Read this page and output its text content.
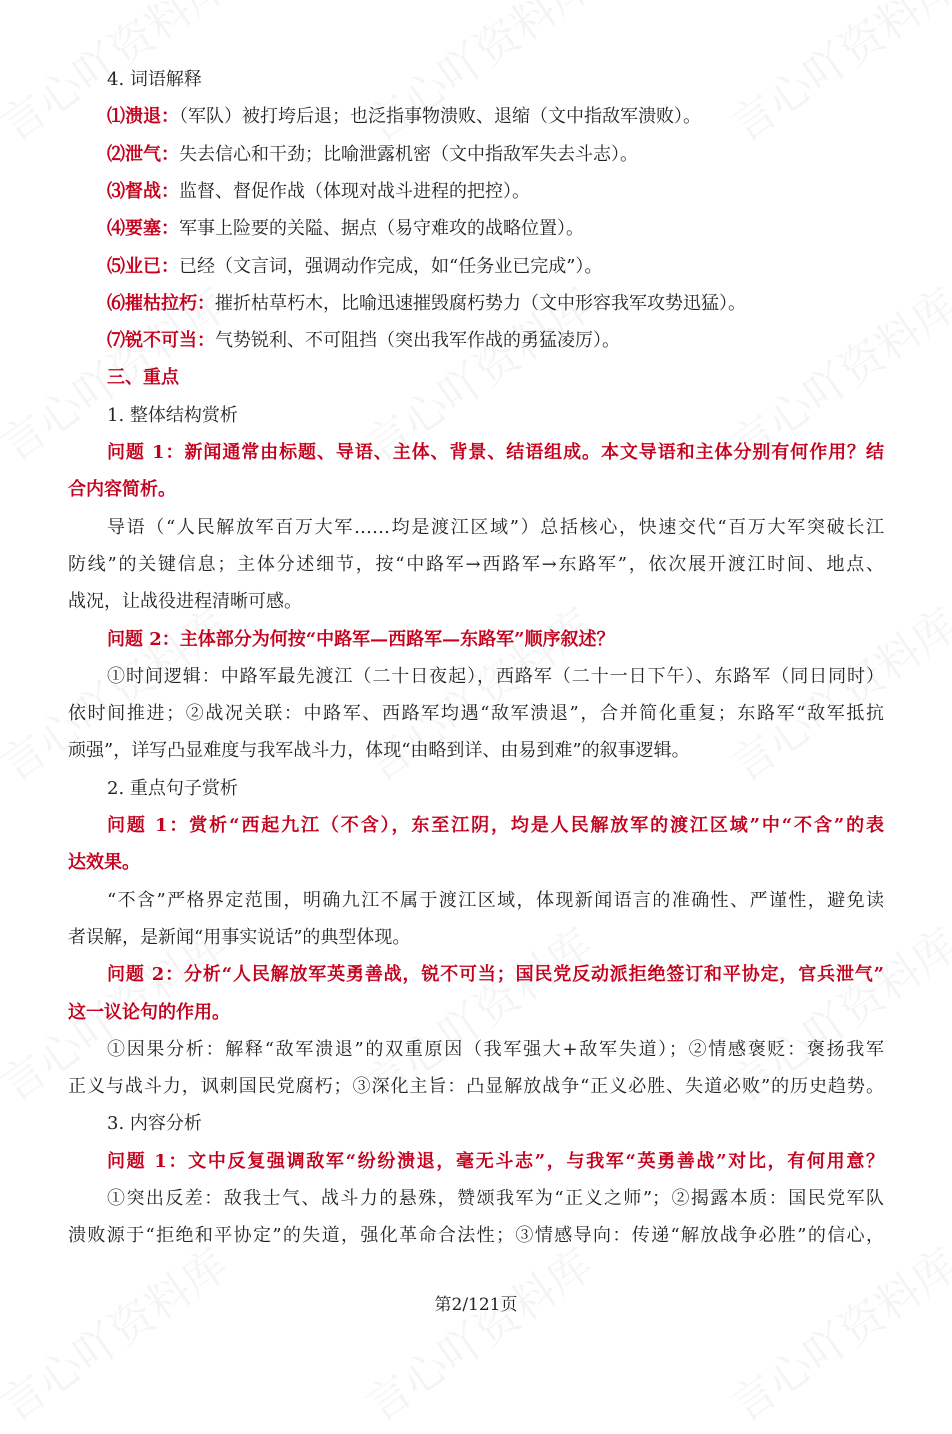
4. 词语解释
⑴溃退：（军队）被打垮后退；也泛指事物溃败、退缩（文中指敌军溃败）。
⑵泄气：失去信心和干劲；比喻泄露机密（文中指敌军失去斗志）。
⑶督战：监督、督促作战（体现对战斗进程的把控）。
⑷要塞：军事上险要的关隘、据点（易守难攻的战略位置）。
⑸业已：已经（文言词，强调动作完成，如“任务业已完成”）。
⑹摧枯拉朽：摧折枯草朽木，比喻迅速摧毁腐朽势力（文中形容我军攻势迅猛）。
⑺锐不可当：气势锐利、不可阻挡（突出我军作战的勇猛凌厉）。
三、重点
1. 整体结构赏析
问题 1：新闻通常由标题、导语、主体、背景、结语组成。本文导语和主体分别有何作用？结
合内容简析。
导语（“人民解放军百万大军……均是渡江区域”）总括核心，快速交代“百万大军突破长江
防线”的关键信息；主体分述细节，按“中路军→西路军→东路军”，依次展开渡江时间、地点、
战况，让战役进程清晰可感。
问题 2：主体部分为何按“中路军—西路军—东路军”顺序叙述？
①时间逻辑：中路军最先渡江（二十日夜起），西路军（二十一日下午）、东路军（同日同时）
依时间推进；②战况关联：中路军、西路军均遇“敌军溃退”，合并简化重复；东路军“敌军抵抗
顽强”，详写凸显难度与我军战斗力，体现“由略到详、由易到难”的叙事逻辑。
2. 重点句子赏析
问题 1：赏析“西起九江（不含），东至江阴，均是人民解放军的渡江区域”中“不含”的表
达效果。
“不含”严格界定范围，明确九江不属于渡江区域，体现新闻语言的准确性、严谨性，避免读
者误解，是新闻“用事实说话”的典型体现。
问题 2：分析“人民解放军英勇善战，锐不可当；国民党反动派拒绝签订和平协定，官兵泄气”
这一议论句的作用。
①因果分析：解释“敌军溃退”的双重原因（我军强大+敌军失道）；②情感褒贬：褒扬我军
正义与战斗力，讽刺国民党腐朽；③深化主旨：凸显解放战争“正义必胜、失道必败”的历史趋势。
3. 内容分析
问题 1：文中反复强调敌军“纷纷溃退，毫无斗志”，与我军“英勇善战”对比，有何用意？
①突出反差：敌我士气、战斗力的悬殊，赞颂我军为“正义之师”；②揭露本质：国民党军队
溃败源于“拒绝和平协定”的失道，强化革命合法性；③情感导向：传递“解放战争必胜”的信心，
第2/121页
